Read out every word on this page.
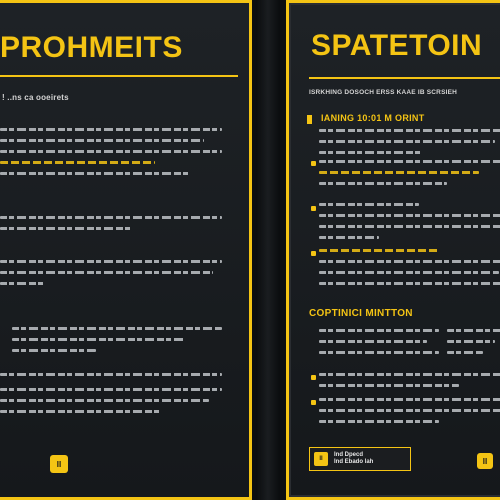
PROHMEITS
! ..ns ca ooeirets
II
SPATETOIN
ISRKHING DOSOCH ERSS KAAE IB SCRSIEH
IANING 10:01 M ORINT
COPTINICI MINTTON
II
Ind Dpecd
Ind Ebado lah	II
